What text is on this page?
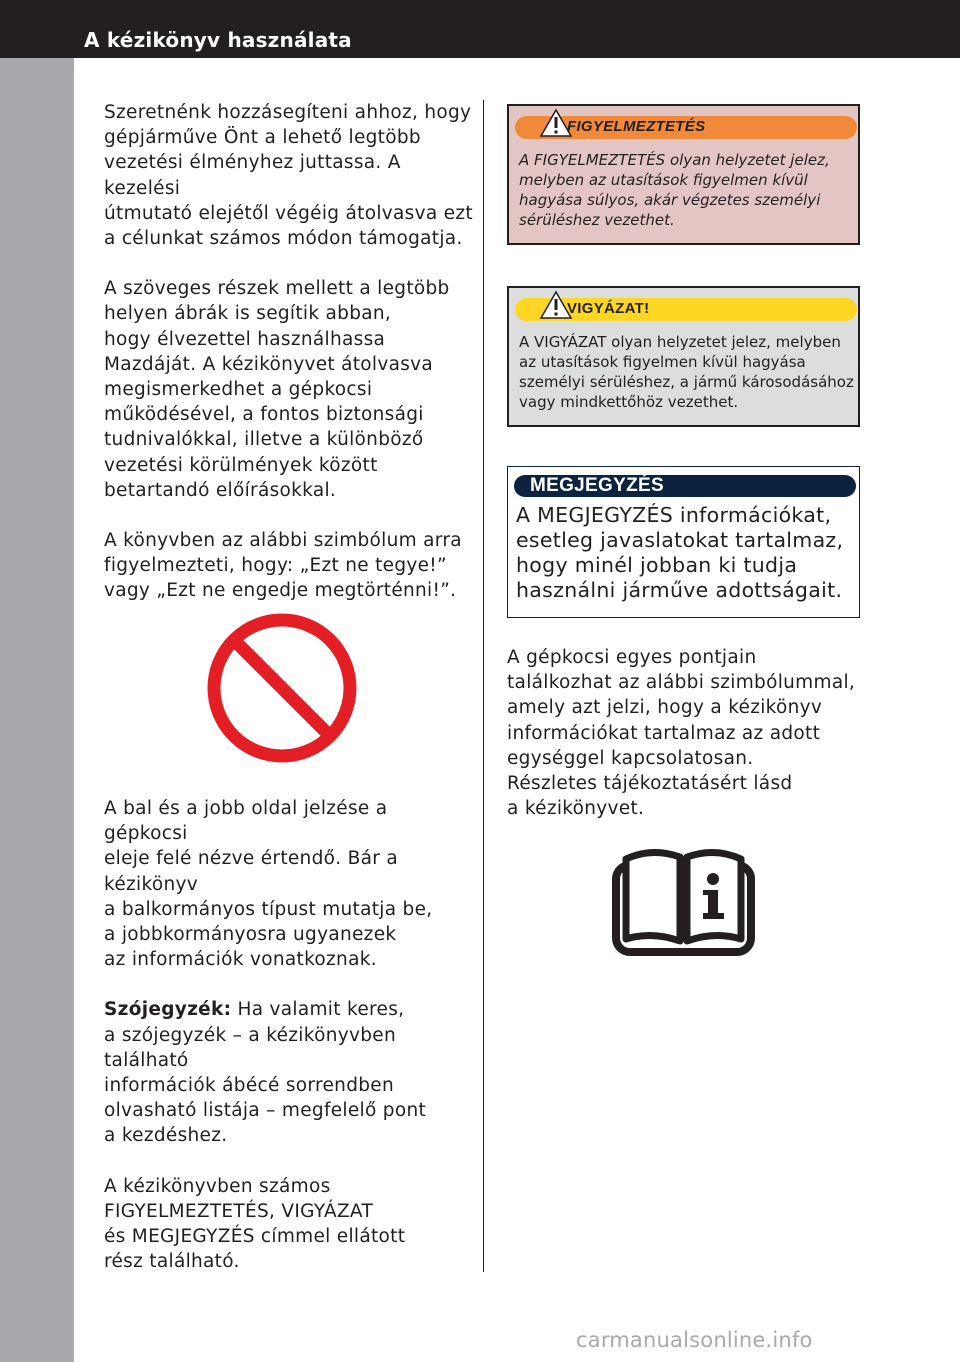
A kézikönyv használata

Szeretnénk hozzásegíteni ahhoz, hogy
gépjárműve Önt a lehető legtöbb
vezetési élményhez juttassa. A kezelési
útmutató elejétől végéig átolvasva ezt
a célunkat számos módon támogatja.

A szöveges részek mellett a legtöbb
helyen ábrák is segítik abban,
hogy élvezettel használhassa
Mazdáját. A kézikönyvet átolvasva
megismerkedhet a gépkocsi
működésével, a fontos biztonsági
tudnivalókkal, illetve a különböző
vezetési körülmények között
betartandó előírásokkal.

A könyvben az alábbi szimbólum arra
figyelmezteti, hogy: „Ezt ne tegye!”
vagy „Ezt ne engedje megtörténni!”.

A bal és a jobb oldal jelzése a gépkocsi
eleje felé nézve értendő. Bár a kézikönyv
a balkormányos típust mutatja be,
a jobbkormányosra ugyanezek
az információk vonatkoznak.

Szójegyzék: Ha valamit keres,
a szójegyzék – a kézikönyvben található
információk ábécé sorrendben
olvasható listája – megfelelő pont
a kezdéshez.

A kézikönyvben számos
FIGYELMEZTETÉS, VIGYÁZAT
és MEGJEGYZÉS címmel ellátott
rész található.

FIGYELMEZTETÉS
A FIGYELMEZTETÉS olyan helyzetet jelez,
melyben az utasítások figyelmen kívül
hagyása súlyos, akár végzetes személyi
sérüléshez vezethet.
VIGYÁZAT!
A VIGYÁZAT olyan helyzetet jelez, melyben
az utasítások figyelmen kívül hagyása
személyi sérüléshez, a jármű károsodásához
vagy mindkettőhöz vezethet.
MEGJEGYZÉS
A MEGJEGYZÉS információkat,
esetleg javaslatokat tartalmaz,
hogy minél jobban ki tudja
használni járműve adottságait.

A gépkocsi egyes pontjain
találkozhat az alábbi szimbólummal,
amely azt jelzi, hogy a kézikönyv
információkat tartalmaz az adott
egységgel kapcsolatosan.
Részletes tájékoztatásért lásd
a kézikönyvet.

carmanualsonline.info
